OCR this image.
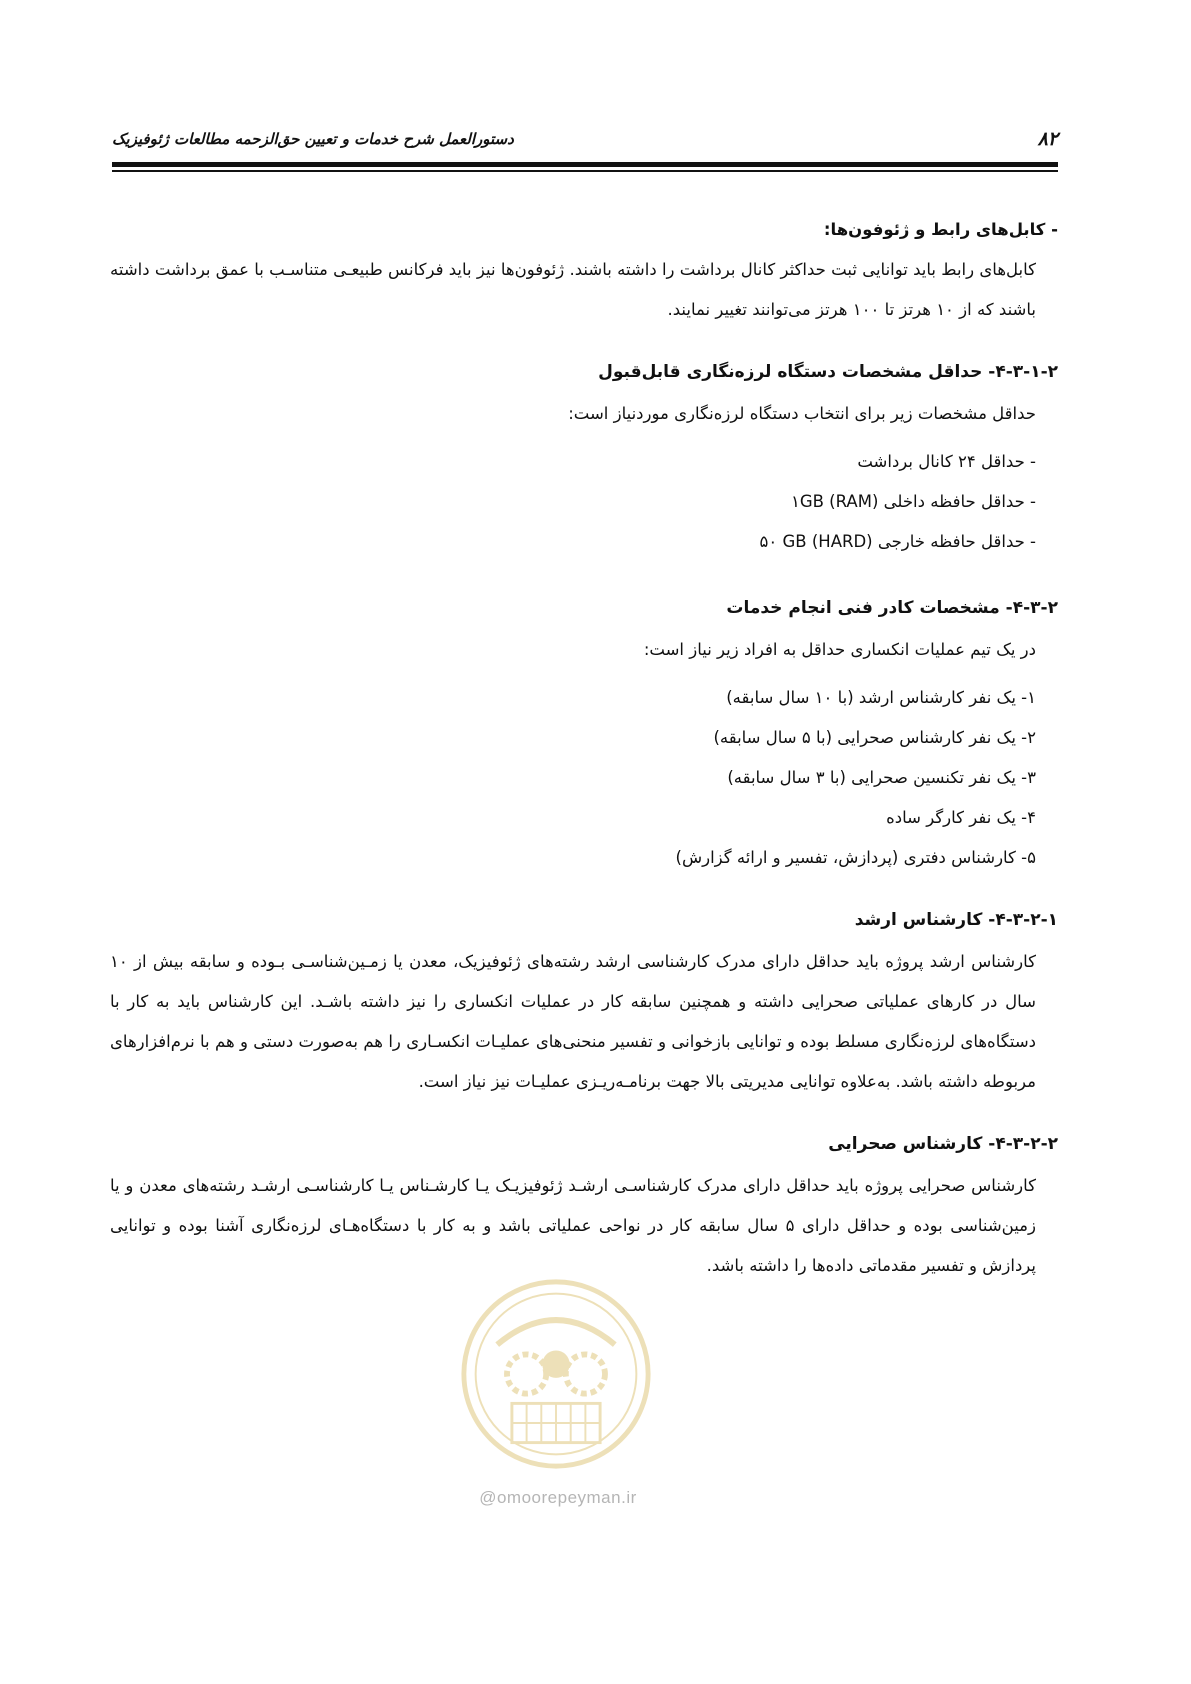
۸۲
دستورالعمل شرح خدمات و تعیین حق‌الزحمه مطالعات ژئوفیزیک

- کابل‌های رابط و ژئوفون‌ها:

کابل‌های رابط باید توانایی ثبت حداکثر کانال برداشت را داشته باشند. ژئوفون‌ها نیز باید فرکانس طبیعـی متناسـب با عمق برداشت داشته باشند که از ۱۰ هرتز تا ۱۰۰ هرتز می‌توانند تغییر نمایند.

۴-۳-۱-۲- حداقل مشخصات دستگاه لرزه‌نگاری قابل‌قبول

حداقل مشخصات زیر برای انتخاب دستگاه لرزه‌نگاری موردنیاز است:

- حداقل ۲۴ کانال برداشت
- حداقل حافظه داخلی (RAM) ۱GB
- حداقل حافظه خارجی (HARD) ۵۰ GB

۴-۳-۲- مشخصات کادر فنی انجام خدمات

در یک تیم عملیات انکساری حداقل به افراد زیر نیاز است:

۱- یک نفر کارشناس ارشد (با ۱۰ سال سابقه)
۲- یک نفر کارشناس صحرایی (با ۵ سال سابقه)
۳- یک نفر تکنسین صحرایی (با ۳ سال سابقه)
۴- یک نفر کارگر ساده
۵- کارشناس دفتری (پردازش، تفسیر و ارائه گزارش)

۴-۳-۲-۱- کارشناس ارشد

کارشناس ارشد پروژه باید حداقل دارای مدرک کارشناسی ارشد رشته‌های ژئوفیزیک، معدن یا زمـین‌شناسـی بـوده و سابقه بیش از ۱۰ سال در کارهای عملیاتی صحرایی داشته و همچنین سابقه کار در عملیات انکساری را نیز داشته باشـد. این کارشناس باید به کار با دستگاه‌های لرزه‌نگاری مسلط بوده و توانایی بازخوانی و تفسیر منحنی‌های عملیـات انکسـاری را هم به‌صورت دستی و هم با نرم‌افزارهای مربوطه داشته باشد. به‌علاوه توانایی مدیریتی بالا جهت برنامـه‌ریـزی عملیـات نیز نیاز است.

۴-۳-۲-۲- کارشناس صحرایی

کارشناس صحرایی پروژه باید حداقل دارای مدرک کارشناسـی ارشـد ژئوفیزیـک یـا کارشـناس یـا کارشناسـی ارشـد رشته‌های معدن و یا زمین‌شناسی بوده و حداقل دارای ۵ سال سابقه کار در نواحی عملیاتی باشد و به کار با دستگاه‌هـای لرزه‌نگاری آشنا بوده و توانایی پردازش و تفسیر مقدماتی داده‌ها را داشته باشد.

@omoorepeyman.ir
